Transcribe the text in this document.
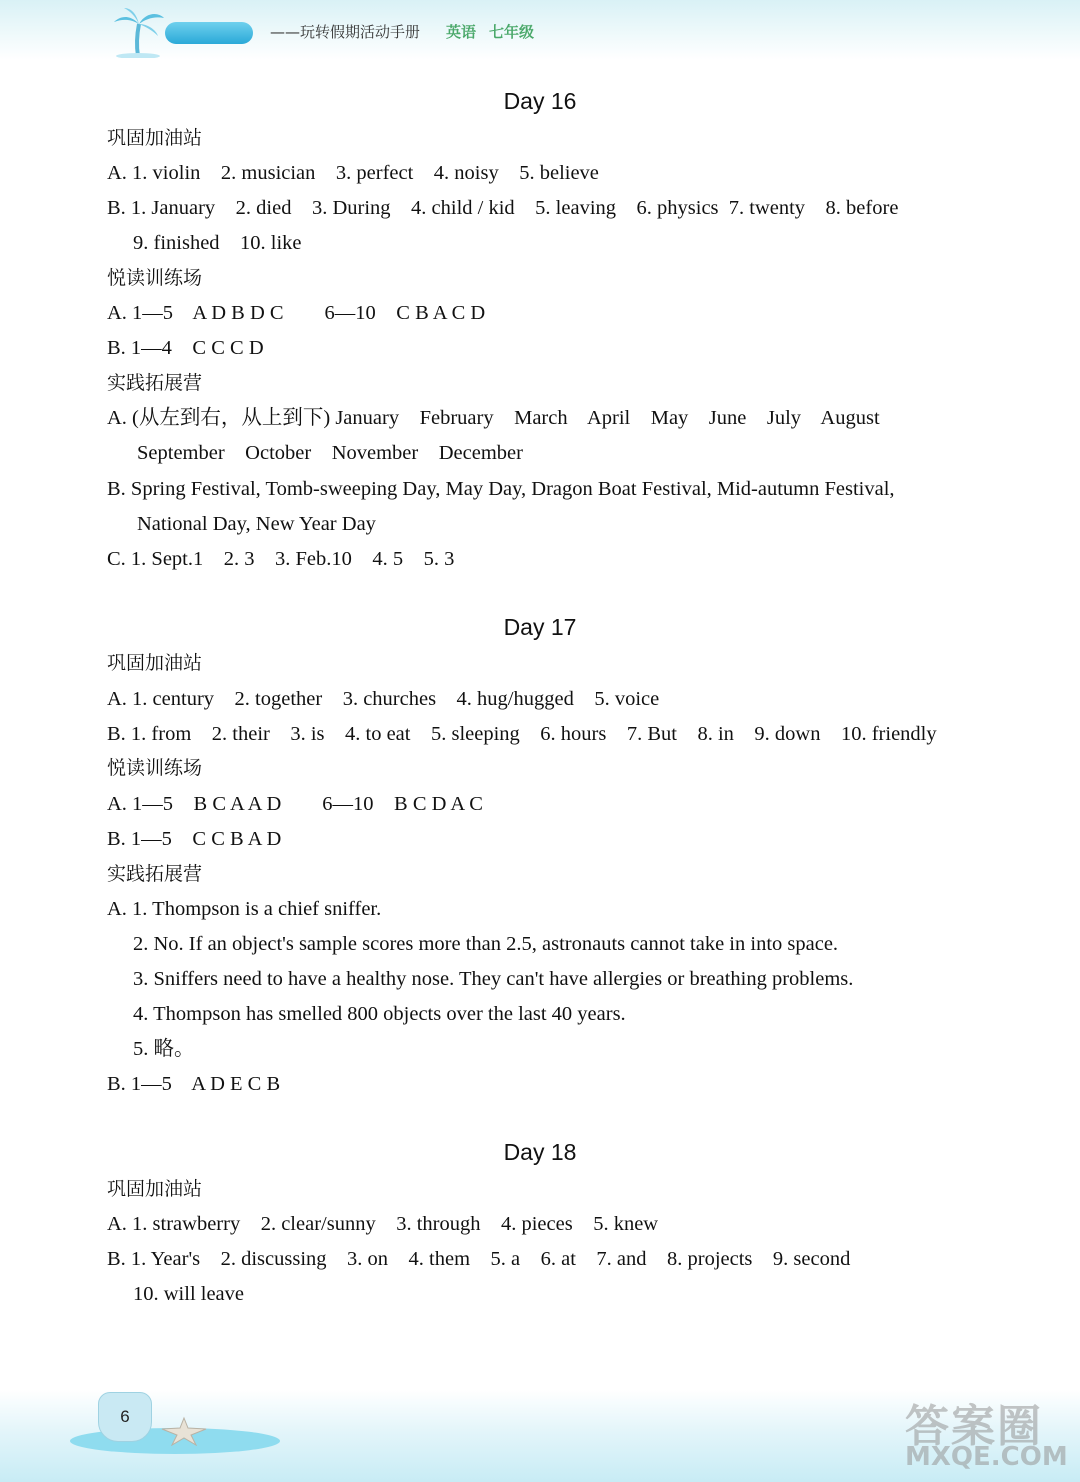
——玩转假期活动手册 英语 七年级
Day 16
巩固加油站
A. 1. violin    2. musician    3. perfect    4. noisy    5. believe
B. 1. January    2. died    3. During    4. child / kid    5. leaving    6. physics  7. twenty    8. before
9. finished    10. like
悦读训练场
A. 1—5    A D B D C        6—10    C B A C D
B. 1—4    C C C D
实践拓展营
A. (从左到右，从上到下) January    February    March    April    May    June    July    August
September    October    November    December
B. Spring Festival, Tomb-sweeping Day, May Day, Dragon Boat Festival, Mid-autumn Festival,
National Day, New Year Day
C. 1. Sept.1    2. 3    3. Feb.10    4. 5    5. 3
Day 17
巩固加油站
A. 1. century    2. together    3. churches    4. hug/hugged    5. voice
B. 1. from    2. their    3. is    4. to eat    5. sleeping    6. hours    7. But    8. in    9. down    10. friendly
悦读训练场
A. 1—5    B C A A D        6—10    B C D A C
B. 1—5    C C B A D
实践拓展营
A. 1. Thompson is a chief sniffer.
2. No. If an object's sample scores more than 2.5, astronauts cannot take in into space.
3. Sniffers need to have a healthy nose. They can't have allergies or breathing problems.
4. Thompson has smelled 800 objects over the last 40 years.
5. 略。
B. 1—5    A D E C B
Day 18
巩固加油站
A. 1. strawberry    2. clear/sunny    3. through    4. pieces    5. knew
B. 1. Year's    2. discussing    3. on    4. them    5. a    6. at    7. and    8. projects    9. second
10. will leave
6	答案圈
MXQE.COM
